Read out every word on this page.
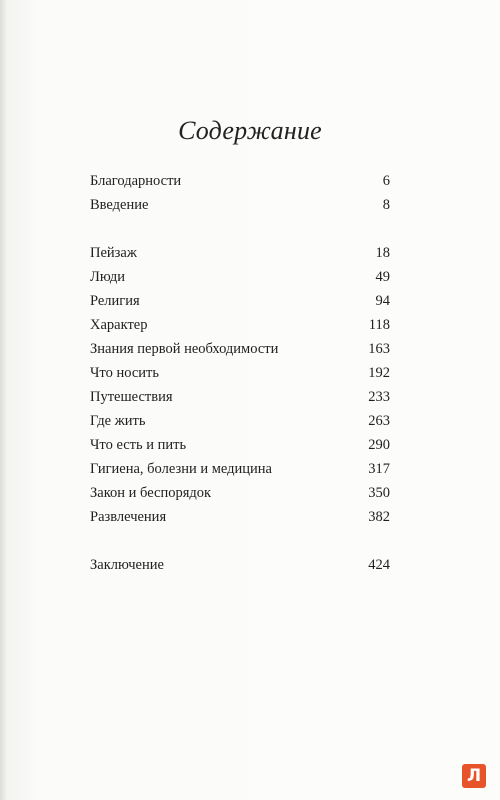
Содержание
Благодарности	6
Введение	8
Пейзаж	18
Люди	49
Религия	94
Характер	118
Знания первой необходимости	163
Что носить	192
Путешествия	233
Где жить	263
Что есть и пить	290
Гигиена, болезни и медицина	317
Закон и беспорядок	350
Развлечения	382
Заключение	424
Л
